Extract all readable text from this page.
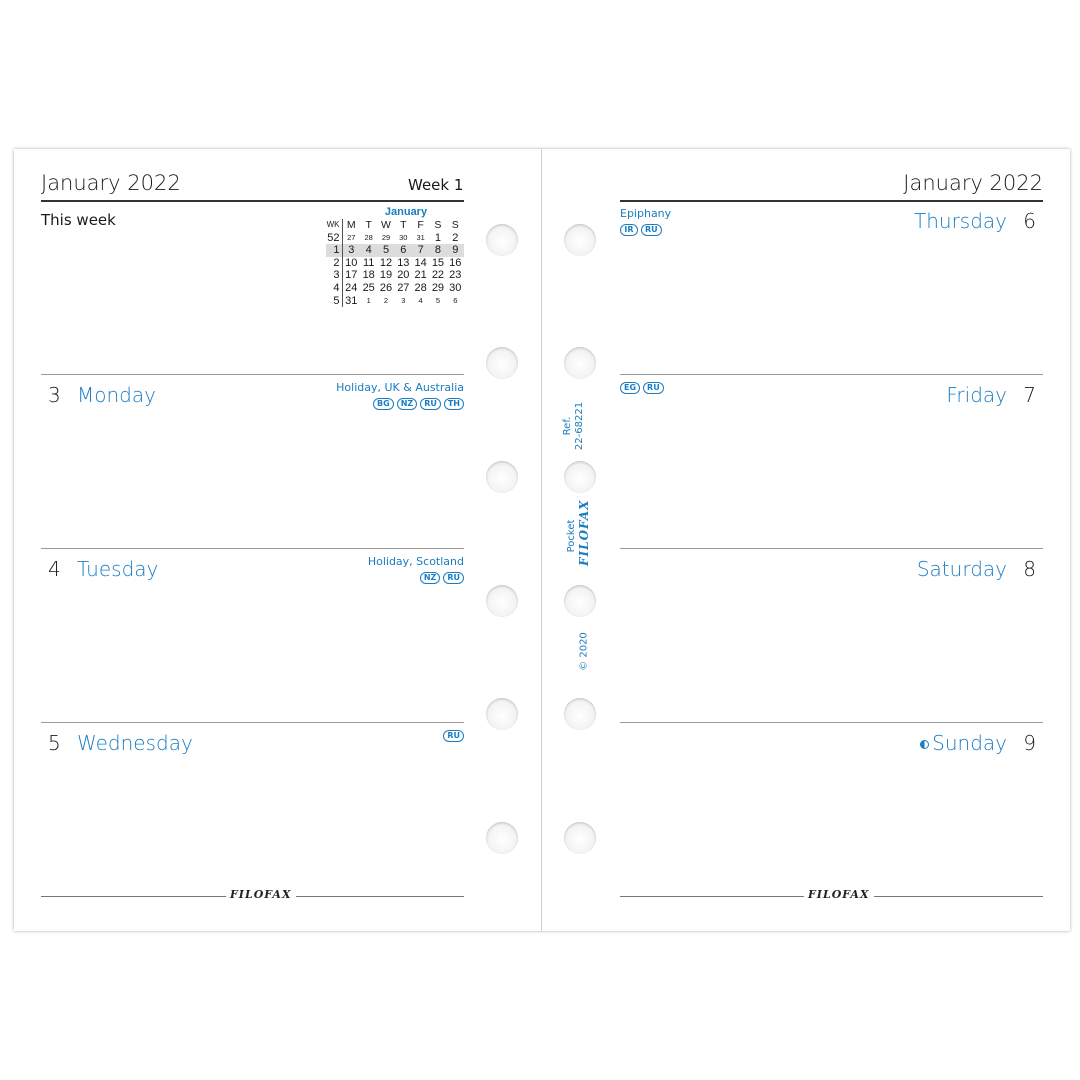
January 2022	Week 1
This week	January
WK	M	T	W	T	F	S	S
52	27	28	29	30	31	1	2
1	3	4	5	6	7	8	9
2	10	11	12	13	14	15	16
3	17	18	19	20	21	22	23
4	24	25	26	27	28	29	30
5	31	1	2	3	4	5	6
3 Monday	Holiday, UK & Australia
BG	NZ	RU	TH
4 Tuesday	Holiday, Scotland
NZ	RU
5 Wednesday	RU
FILOFAX
January 2022
Ref. 22-68221
Pocket FILOFAX
© 2020
Epiphany
IR	RU	Thursday 6
EG	RU	Friday 7
Saturday 8
Sunday 9
FILOFAX
